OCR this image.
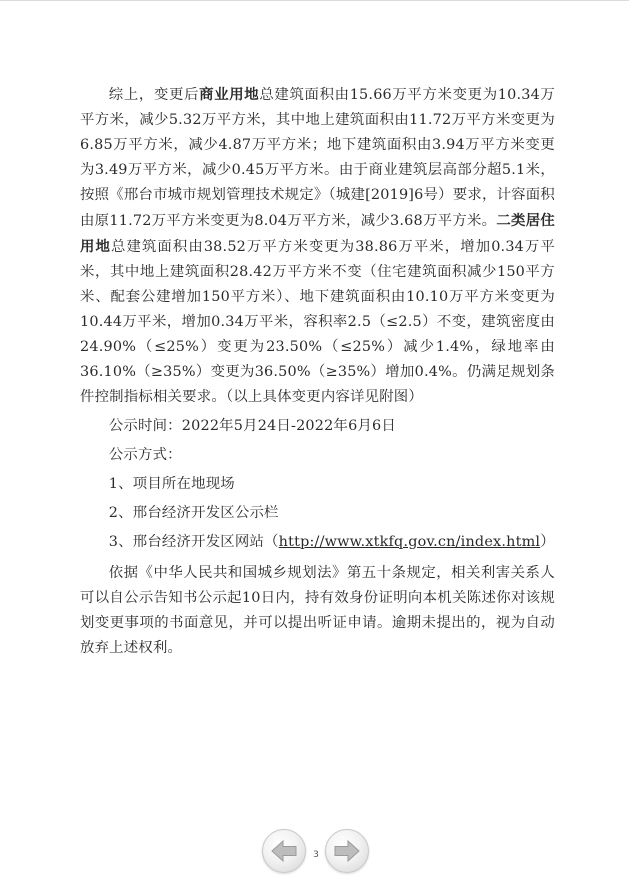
综上，变更后商业用地总建筑面积由15.66万平方米变更为10.34万平方米，减少5.32万平方米，其中地上建筑面积由11.72万平方米变更为6.85万平方米，减少4.87万平方米；地下建筑面积由3.94万平方米变更为3.49万平方米，减少0.45万平方米。由于商业建筑层高部分超5.1米，按照《邢台市城市规划管理技术规定》（城建[2019]6号）要求，计容面积由原11.72万平方米变更为8.04万平方米，减少3.68万平方米。二类居住用地总建筑面积由38.52万平方米变更为38.86万平米，增加0.34万平米，其中地上建筑面积28.42万平方米不变（住宅建筑面积减少150平方米、配套公建增加150平方米）、地下建筑面积由10.10万平方米变更为10.44万平米，增加0.34万平米，容积率2.5（≤2.5）不变，建筑密度由24.90%（≤25%）变更为23.50%（≤25%）减少1.4%，绿地率由36.10%（≥35%）变更为36.50%（≥35%）增加0.4%。仍满足规划条件控制指标相关要求。（以上具体变更内容详见附图）

公示时间：2022年5月24日-2022年6月6日

公示方式：

1、项目所在地现场

2、邢台经济开发区公示栏

3、邢台经济开发区网站（http://www.xtkfq.gov.cn/index.html）

依据《中华人民共和国城乡规划法》第五十条规定，相关利害关系人可以自公示告知书公示起10日内，持有效身份证明向本机关陈述你对该规划变更事项的书面意见，并可以提出听证申请。逾期未提出的，视为自动放弃上述权利。

3
